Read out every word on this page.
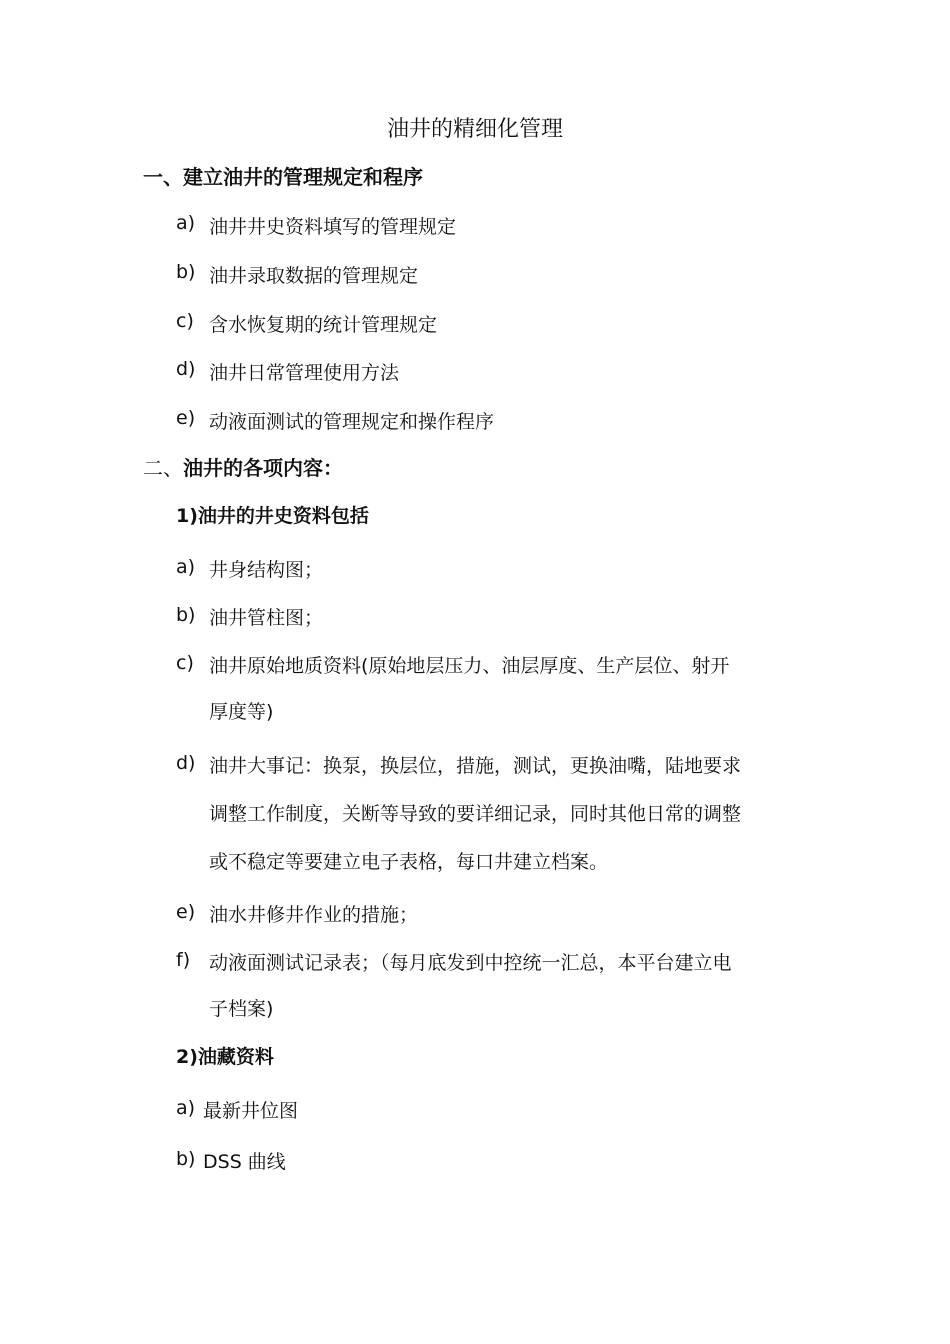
油井的精细化管理
一、建立油井的管理规定和程序
a) 油井井史资料填写的管理规定
b) 油井录取数据的管理规定
c) 含水恢复期的统计管理规定
d) 油井日常管理使用方法
e) 动液面测试的管理规定和操作程序
二、油井的各项内容：
1)油井的井史资料包括
a) 井身结构图；
b) 油井管柱图；
c) 油井原始地质资料(原始地层压力、油层厚度、生产层位、射开
厚度等)
d) 油井大事记：换泵，换层位，措施，测试，更换油嘴，陆地要求
调整工作制度，关断等导致的要详细记录，同时其他日常的调整
或不稳定等要建立电子表格，每口井建立档案。
e) 油水井修井作业的措施；
f) 动液面测试记录表；（每月底发到中控统一汇总，本平台建立电
子档案)
2)油藏资料
a) 最新井位图
b) DSS 曲线
